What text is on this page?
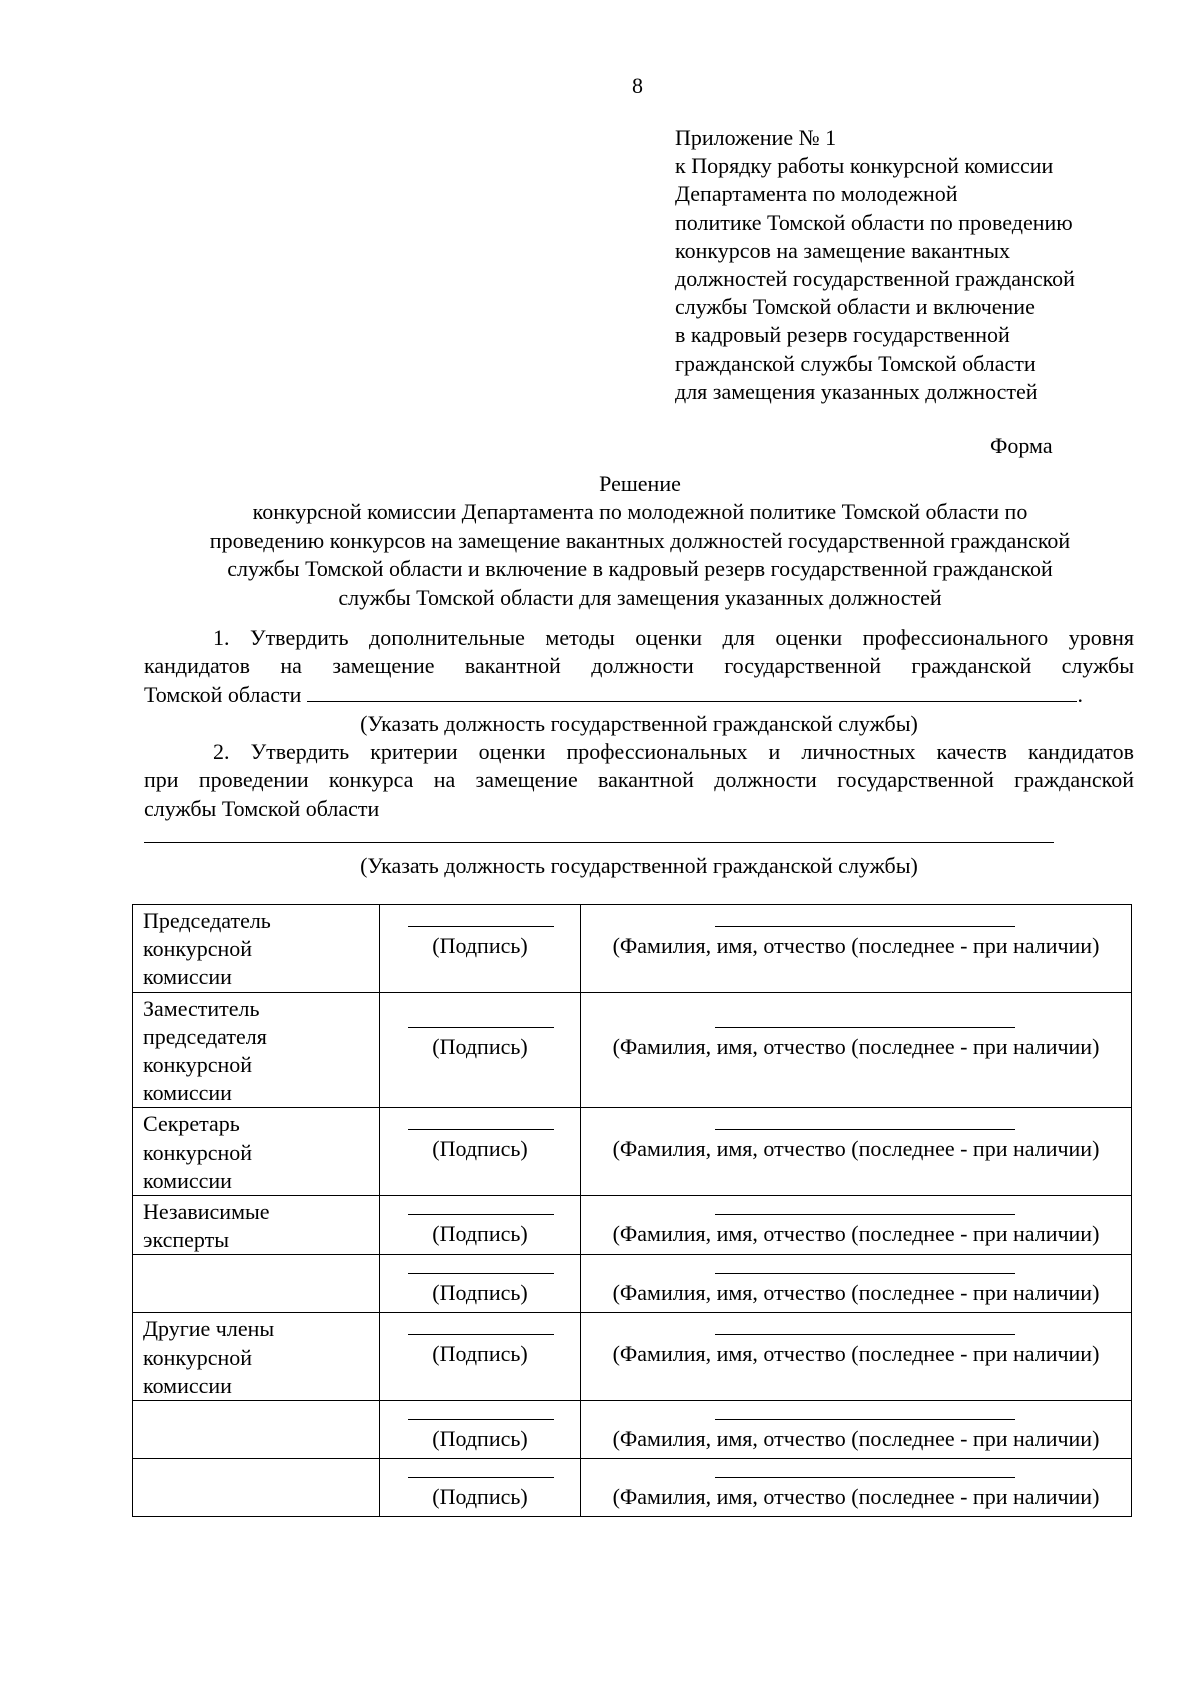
8
Приложение № 1
к Порядку работы конкурсной комиссии
Департамента по молодежной
политике Томской области по проведению
конкурсов на замещение вакантных
должностей государственной гражданской
службы Томской области и включение
в кадровый резерв государственной
гражданской службы Томской области
для замещения указанных должностей
Форма
Решение
конкурсной комиссии Департамента по молодежной политике Томской области по
проведению конкурсов на замещение вакантных должностей государственной гражданской
службы Томской области и включение в кадровый резерв государственной гражданской
службы Томской области для замещения указанных должностей
1. Утвердить дополнительные методы оценки для оценки профессионального уровня
кандидатов на замещение вакантной должности государственной гражданской службы
Томской области	.
(Указать должность государственной гражданской службы)
2. Утвердить критерии оценки профессиональных и личностных качеств кандидатов
при проведении конкурса на замещение вакантной должности государственной гражданской
службы Томской области
(Указать должность государственной гражданской службы)
Председатель
конкурсной
комиссии	(Подпись)	(Фамилия, имя, отчество (последнее - при наличии)

Заместитель
председателя
конкурсной
комиссии	(Подпись)	(Фамилия, имя, отчество (последнее - при наличии)

Секретарь
конкурсной
комиссии	(Подпись)	(Фамилия, имя, отчество (последнее - при наличии)

Независимые
эксперты	(Подпись)	(Фамилия, имя, отчество (последнее - при наличии)

	(Подпись)	(Фамилия, имя, отчество (последнее - при наличии)

Другие члены
конкурсной
комиссии	(Подпись)	(Фамилия, имя, отчество (последнее - при наличии)

	(Подпись)	(Фамилия, имя, отчество (последнее - при наличии)

	(Подпись)	(Фамилия, имя, отчество (последнее - при наличии)
